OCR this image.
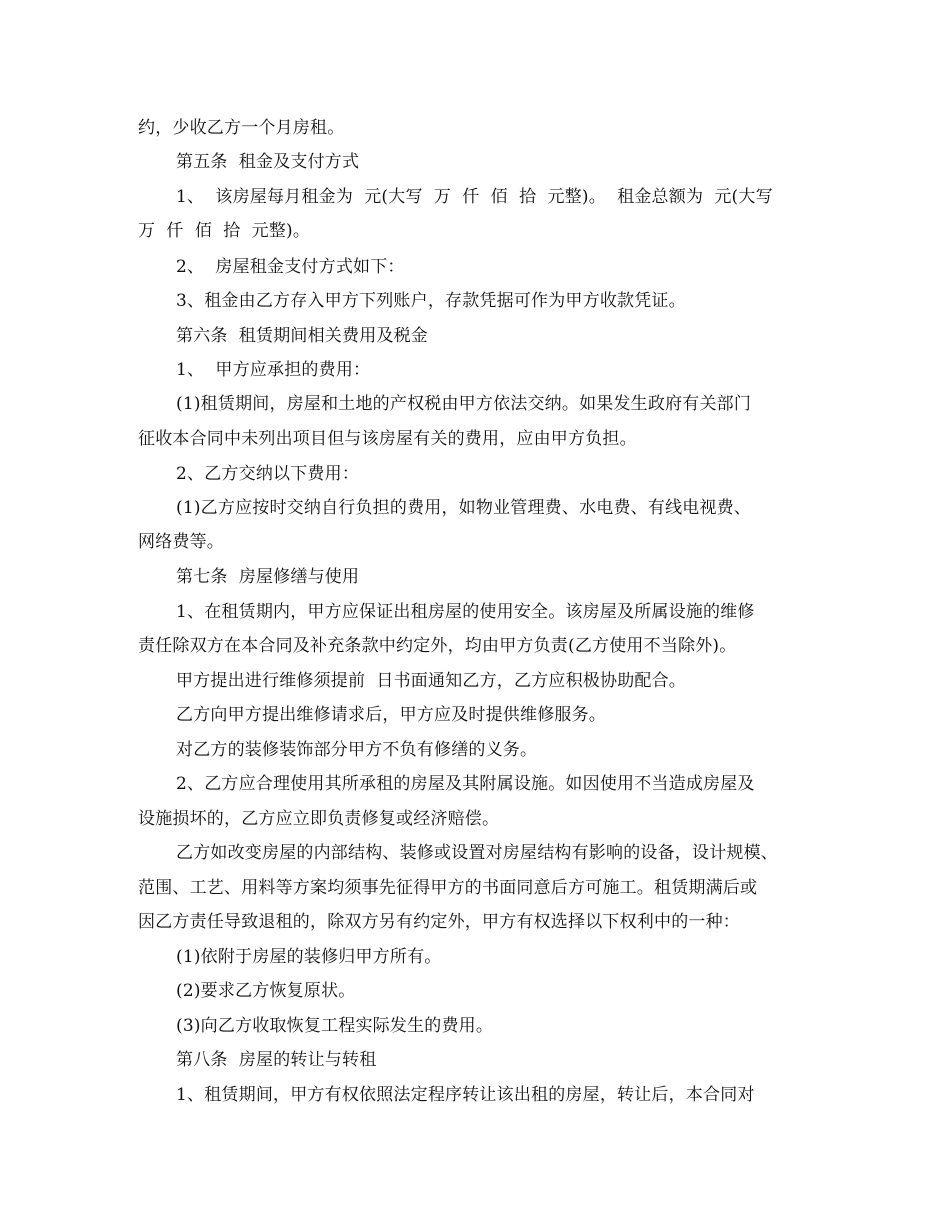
约，少收乙方一个月房租。
第五条  租金及支付方式
1、  该房屋每月租金为  元(大写  万  仟  佰  拾  元整)。  租金总额为  元(大写
万  仟  佰  拾  元整)。
2、  房屋租金支付方式如下：
3、租金由乙方存入甲方下列账户，存款凭据可作为甲方收款凭证。
第六条  租赁期间相关费用及税金
1、  甲方应承担的费用：
(1)租赁期间，房屋和土地的产权税由甲方依法交纳。如果发生政府有关部门
征收本合同中未列出项目但与该房屋有关的费用，应由甲方负担。
2、乙方交纳以下费用：
(1)乙方应按时交纳自行负担的费用，如物业管理费、水电费、有线电视费、
网络费等。
第七条  房屋修缮与使用
1、在租赁期内，甲方应保证出租房屋的使用安全。该房屋及所属设施的维修
责任除双方在本合同及补充条款中约定外，均由甲方负责(乙方使用不当除外)。
甲方提出进行维修须提前  日书面通知乙方，乙方应积极协助配合。
乙方向甲方提出维修请求后，甲方应及时提供维修服务。
对乙方的装修装饰部分甲方不负有修缮的义务。
2、乙方应合理使用其所承租的房屋及其附属设施。如因使用不当造成房屋及
设施损坏的，乙方应立即负责修复或经济赔偿。
乙方如改变房屋的内部结构、装修或设置对房屋结构有影响的设备，设计规模、
范围、工艺、用料等方案均须事先征得甲方的书面同意后方可施工。租赁期满后或
因乙方责任导致退租的，除双方另有约定外，甲方有权选择以下权利中的一种：
(1)依附于房屋的装修归甲方所有。
(2)要求乙方恢复原状。
(3)向乙方收取恢复工程实际发生的费用。
第八条  房屋的转让与转租
1、租赁期间，甲方有权依照法定程序转让该出租的房屋，转让后，本合同对
